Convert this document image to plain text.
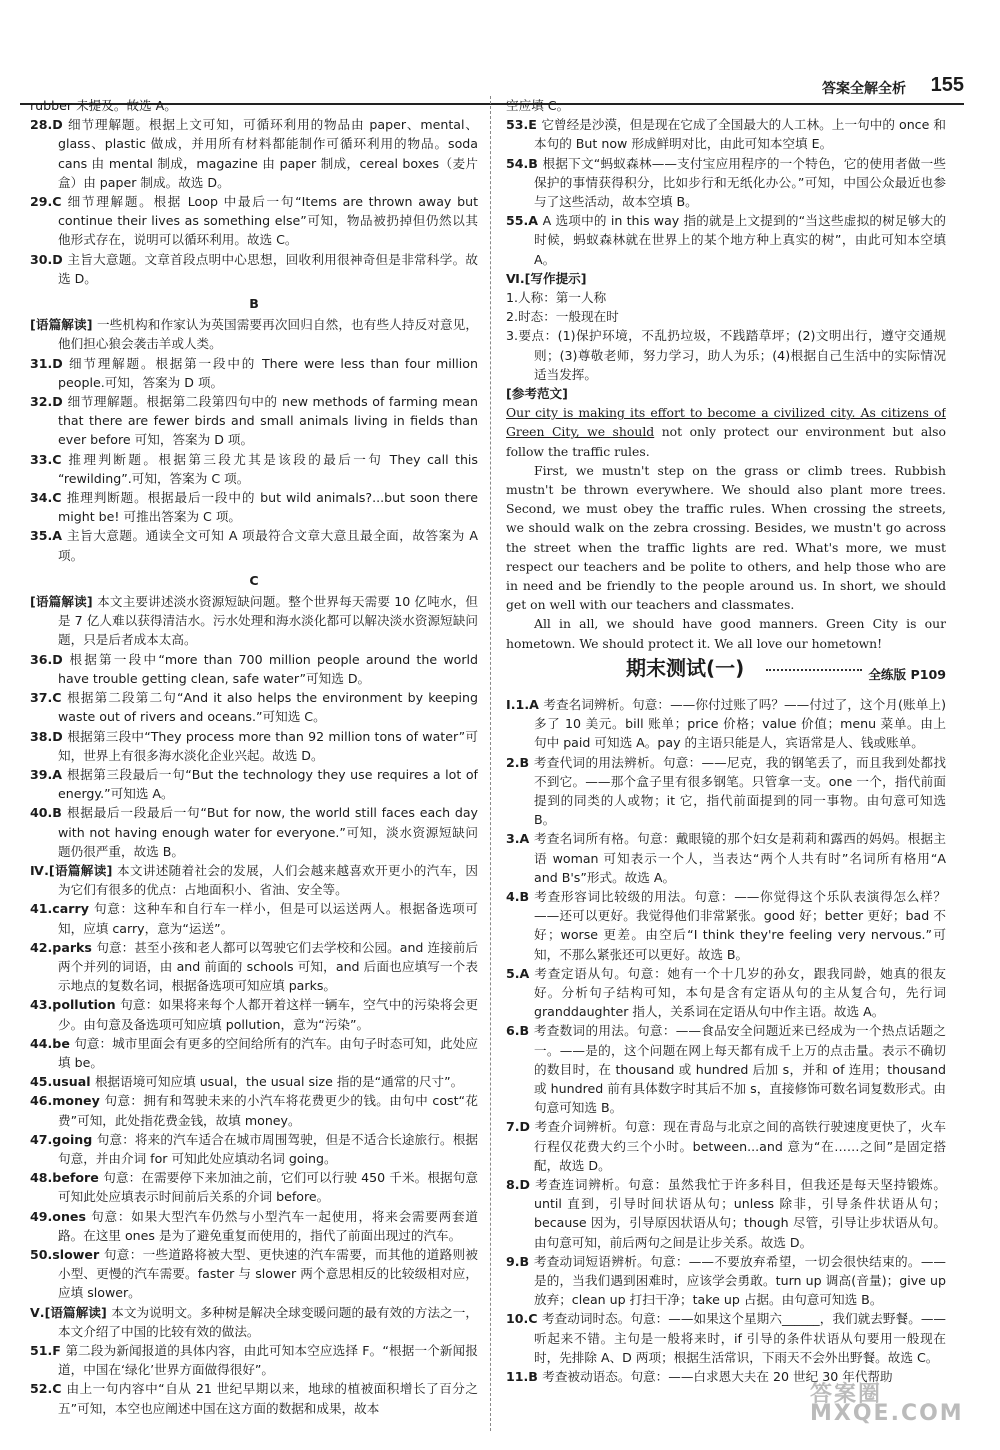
答案全解全析 155

rubber 未提及。故选 A。

28.D 细节理解题。根据上文可知，可循环利用的物品由 paper、mental、glass、plastic 做成，并用所有材料都能制作可循环利用的物品。soda cans 由 mental 制成，magazine 由 paper 制成，cereal boxes（麦片盒）由 paper 制成。故选 D。

29.C 细节理解题。根据 Loop 中最后一句“Items are thrown away but continue their lives as something else”可知，物品被扔掉但仍然以其他形式存在，说明可以循环利用。故选 C。

30.D 主旨大意题。文章首段点明中心思想，回收利用很神奇但是非常科学。故选 D。

B

[语篇解读] 一些机构和作家认为英国需要再次回归自然，也有些人持反对意见，他们担心狼会袭击羊或人类。

31.D 细节理解题。根据第一段中的 There were less than four million people.可知，答案为 D 项。

32.D 细节理解题。根据第二段第四句中的 new methods of farming mean that there are fewer birds and small animals living in fields than ever before 可知，答案为 D 项。

33.C 推理判断题。根据第三段尤其是该段的最后一句 They call this “rewilding”.可知，答案为 C 项。

34.C 推理判断题。根据最后一段中的 but wild animals?...but soon there might be! 可推出答案为 C 项。

35.A 主旨大意题。通读全文可知 A 项最符合文章大意且最全面，故答案为 A 项。

C

[语篇解读] 本文主要讲述淡水资源短缺问题。整个世界每天需要 10 亿吨水，但是 7 亿人难以获得清洁水。污水处理和海水淡化都可以解决淡水资源短缺问题，只是后者成本太高。

36.D 根据第一段中“more than 700 million people around the world have trouble getting clean, safe water”可知选 D。

37.C 根据第二段第二句“And it also helps the environment by keeping waste out of rivers and oceans.”可知选 C。

38.D 根据第三段中“They process more than 92 million tons of water”可知，世界上有很多海水淡化企业兴起。故选 D。

39.A 根据第三段最后一句“But the technology they use requires a lot of energy.”可知选 A。

40.B 根据最后一段最后一句“But for now, the world still faces each day with not having enough water for everyone.”可知，淡水资源短缺问题仍很严重，故选 B。

Ⅳ.[语篇解读] 本文讲述随着社会的发展，人们会越来越喜欢开更小的汽车，因为它们有很多的优点：占地面积小、省油、安全等。

41.carry 句意：这种车和自行车一样小，但是可以运送两人。根据备选项可知，应填 carry，意为“运送”。

42.parks 句意：甚至小孩和老人都可以驾驶它们去学校和公园。and 连接前后两个并列的词语，由 and 前面的 schools 可知，and 后面也应填写一个表示地点的复数名词，根据备选项可知应填 parks。

43.pollution 句意：如果将来每个人都开着这样一辆车，空气中的污染将会更少。由句意及备选项可知应填 pollution，意为“污染”。

44.be 句意：城市里面会有更多的空间给所有的汽车。由句子时态可知，此处应填 be。

45.usual 根据语境可知应填 usual，the usual size 指的是“通常的尺寸”。

46.money 句意：拥有和驾驶未来的小汽车将花费更少的钱。由句中 cost“花费”可知，此处指花费金钱，故填 money。

47.going 句意：将来的汽车适合在城市周围驾驶，但是不适合长途旅行。根据句意，并由介词 for 可知此处应填动名词 going。

48.before 句意：在需要停下来加油之前，它们可以行驶 450 千米。根据句意可知此处应填表示时间前后关系的介词 before。

49.ones 句意：如果大型汽车仍然与小型汽车一起使用，将来会需要两套道路。在这里 ones 是为了避免重复而使用的，指代了前面出现过的汽车。

50.slower 句意：一些道路将被大型、更快速的汽车需要，而其他的道路则被小型、更慢的汽车需要。faster 与 slower 两个意思相反的比较级相对应，应填 slower。

Ⅴ.[语篇解读] 本文为说明文。多种树是解决全球变暖问题的最有效的方法之一，本文介绍了中国的比较有效的做法。

51.F 第二段为新闻报道的具体内容，由此可知本空应选择 F。“根据一个新闻报道，中国在‘绿化’世界方面做得很好”。

52.C 由上一句内容中“自从 21 世纪早期以来，地球的植被面积增长了百分之五”可知，本空也应阐述中国在这方面的数据和成果，故本

空应填 C。

53.E 它曾经是沙漠，但是现在它成了全国最大的人工林。上一句中的 once 和本句的 But now 形成鲜明对比，由此可知本空填 E。

54.B 根据下文“蚂蚁森林——支付宝应用程序的一个特色，它的使用者做一些保护的事情获得积分，比如步行和无纸化办公。”可知，中国公众最近也参与了这些活动，故本空填 B。

55.A A 选项中的 in this way 指的就是上文提到的“当这些虚拟的树足够大的时候，蚂蚁森林就在世界上的某个地方种上真实的树”，由此可知本空填 A。

Ⅵ.[写作提示]

1.人称：第一人称

2.时态：一般现在时

3.要点：(1)保护环境，不乱扔垃圾，不践踏草坪；(2)文明出行，遵守交通规则；(3)尊敬老师，努力学习，助人为乐；(4)根据自己生活中的实际情况适当发挥。

[参考范文]

Our city is making its effort to become a civilized city. As citizens of Green City, we should not only protect our environment but also follow the traffic rules.

First, we mustn't step on the grass or climb trees. Rubbish mustn't be thrown everywhere. We should also plant more trees. Second, we must obey the traffic rules. When crossing the streets, we should walk on the zebra crossing. Besides, we mustn't go across the street when the traffic lights are red. What's more, we must respect our teachers and be polite to others, and help those who are in need and be friendly to the people around us. In short, we should get on well with our teachers and classmates.

All in all, we should have good manners. Green City is our hometown. We should protect it. We all love our hometown!

期末测试(一)	全练版 P109

Ⅰ.1.A 考查名词辨析。句意：——你付过账了吗？——付过了，这个月(账单上)多了 10 美元。bill 账单；price 价格；value 价值；menu 菜单。由上句中 paid 可知选 A。pay 的主语只能是人，宾语常是人、钱或账单。

2.B 考查代词的用法辨析。句意：——尼克，我的钢笔丢了，而且我到处都找不到它。——那个盒子里有很多钢笔。只管拿一支。one 一个，指代前面提到的同类的人或物；it 它，指代前面提到的同一事物。由句意可知选 B。

3.A 考查名词所有格。句意：戴眼镜的那个妇女是莉莉和露西的妈妈。根据主语 woman 可知表示一个人，当表达“两个人共有时”名词所有格用“A and B's”形式。故选 A。

4.B 考查形容词比较级的用法。句意：——你觉得这个乐队表演得怎么样？——还可以更好。我觉得他们非常紧张。good 好；better 更好；bad 不好；worse 更差。由空后“I think they're feeling very nervous.”可知，不那么紧张还可以更好。故选 B。

5.A 考查定语从句。句意：她有一个十几岁的孙女，跟我同龄，她真的很友好。分析句子结构可知，本句是含有定语从句的主从复合句，先行词 granddaughter 指人，关系词在定语从句中作主语。故选 A。

6.B 考查数词的用法。句意：——食品安全问题近来已经成为一个热点话题之一。——是的，这个问题在网上每天都有成千上万的点击量。表示不确切的数目时，在 thousand 或 hundred 后加 s，并和 of 连用；thousand 或 hundred 前有具体数字时其后不加 s，直接修饰可数名词复数形式。由句意可知选 B。

7.D 考查介词辨析。句意：现在青岛与北京之间的高铁行驶速度更快了，火车行程仅花费大约三个小时。between...and 意为“在……之间”是固定搭配，故选 D。

8.D 考查连词辨析。句意：虽然我忙于许多科目，但我还是每天坚持锻炼。until 直到，引导时间状语从句；unless 除非，引导条件状语从句；because 因为，引导原因状语从句；though 尽管，引导让步状语从句。由句意可知，前后两句之间是让步关系。故选 D。

9.B 考查动词短语辨析。句意：——不要放弃希望，一切会很快结束的。——是的，当我们遇到困难时，应该学会勇敢。turn up 调高(音量)；give up 放弃；clean up 打扫干净；take up 占据。由句意可知选 B。

10.C 考查动词时态。句意：——如果这个星期六______，我们就去野餐。——听起来不错。主句是一般将来时，if 引导的条件状语从句要用一般现在时，先排除 A、D 两项；根据生活常识，下雨天不会外出野餐。故选 C。

11.B 考查被动语态。句意：——白求恩大夫在 20 世纪 30 年代帮助

答案圈 MXQE.COM
